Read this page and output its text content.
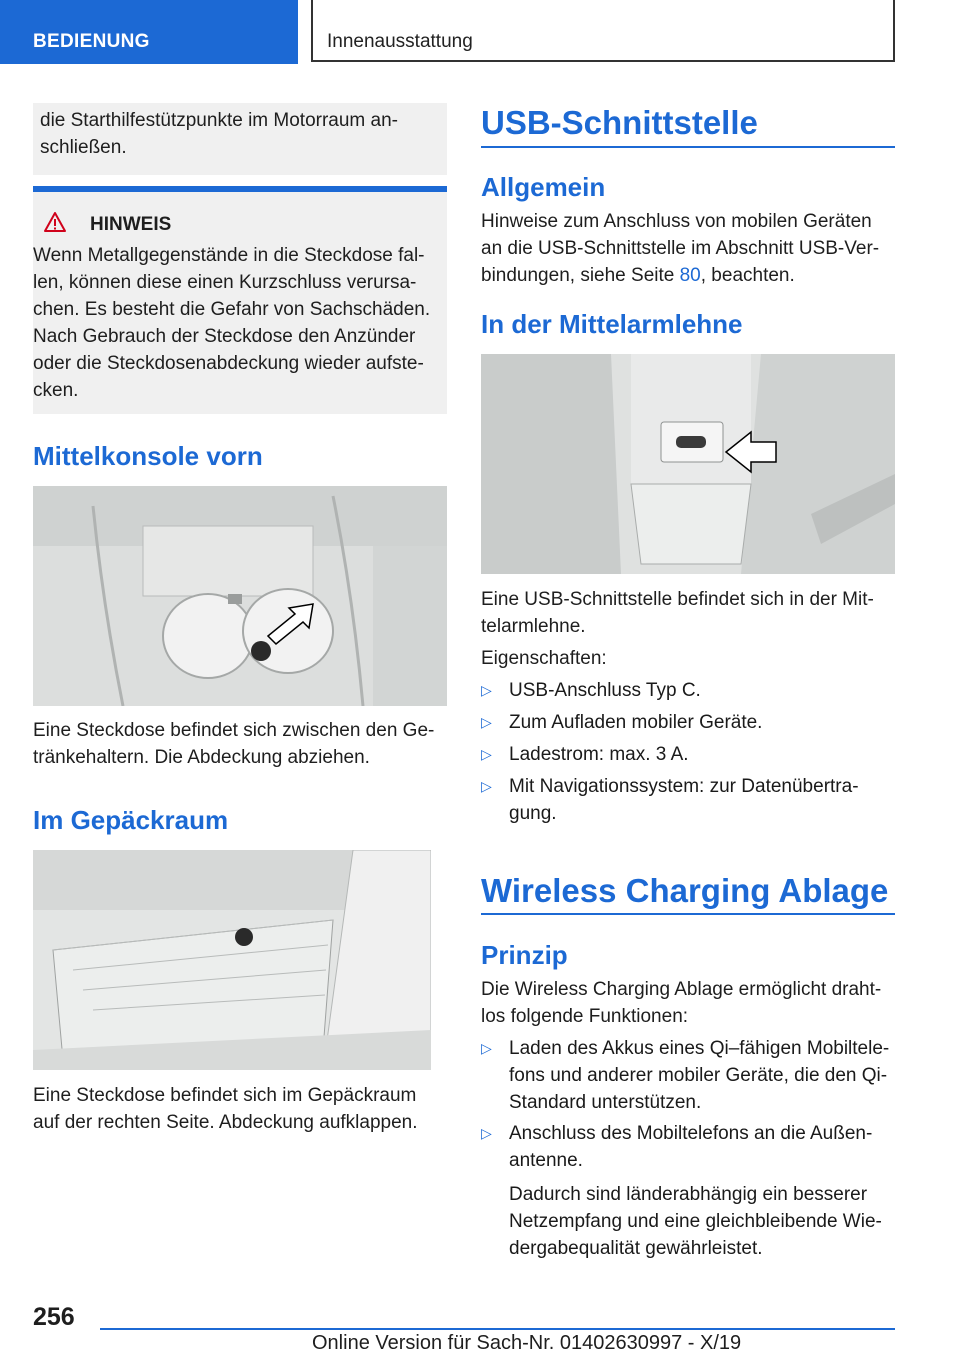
BEDIENUNG	Innenausstattung
die Starthilfestützpunkte im Motorraum an-schließen.
HINWEIS
Wenn Metallgegenstände in die Steckdose fal-
len, können diese einen Kurzschluss verursa-
chen. Es besteht die Gefahr von Sachschäden.
Nach Gebrauch der Steckdose den Anzünder
oder die Steckdosenabdeckung wieder aufste-
cken.
Mittelkonsole vorn
Eine Steckdose befindet sich zwischen den Ge-
tränkehaltern. Die Abdeckung abziehen.
Im Gepäckraum
Eine Steckdose befindet sich im Gepäckraum
auf der rechten Seite. Abdeckung aufklappen.
USB-Schnittstelle
Allgemein
Hinweise zum Anschluss von mobilen Geräten
an die USB-Schnittstelle im Abschnitt USB-Ver-
bindungen, siehe Seite 80, beachten.
In der Mittelarmlehne
Eine USB-Schnittstelle befindet sich in der Mit-
telarmlehne.
Eigenschaften:
▷ USB-Anschluss Typ C.
▷ Zum Aufladen mobiler Geräte.
▷ Ladestrom: max. 3 A.
▷ Mit Navigationssystem: zur Datenübertra-
gung.
Wireless Charging Ablage
Prinzip
Die Wireless Charging Ablage ermöglicht draht-
los folgende Funktionen:
▷ Laden des Akkus eines Qi–fähigen Mobiltele-
fons und anderer mobiler Geräte, die den Qi-
Standard unterstützen.
▷ Anschluss des Mobiltelefons an die Außen-
antenne.
Dadurch sind länderabhängig ein besserer
Netzempfang und eine gleichbleibende Wie-
dergabequalität gewährleistet.
256
Online Version für Sach-Nr. 01402630997 - X/19
